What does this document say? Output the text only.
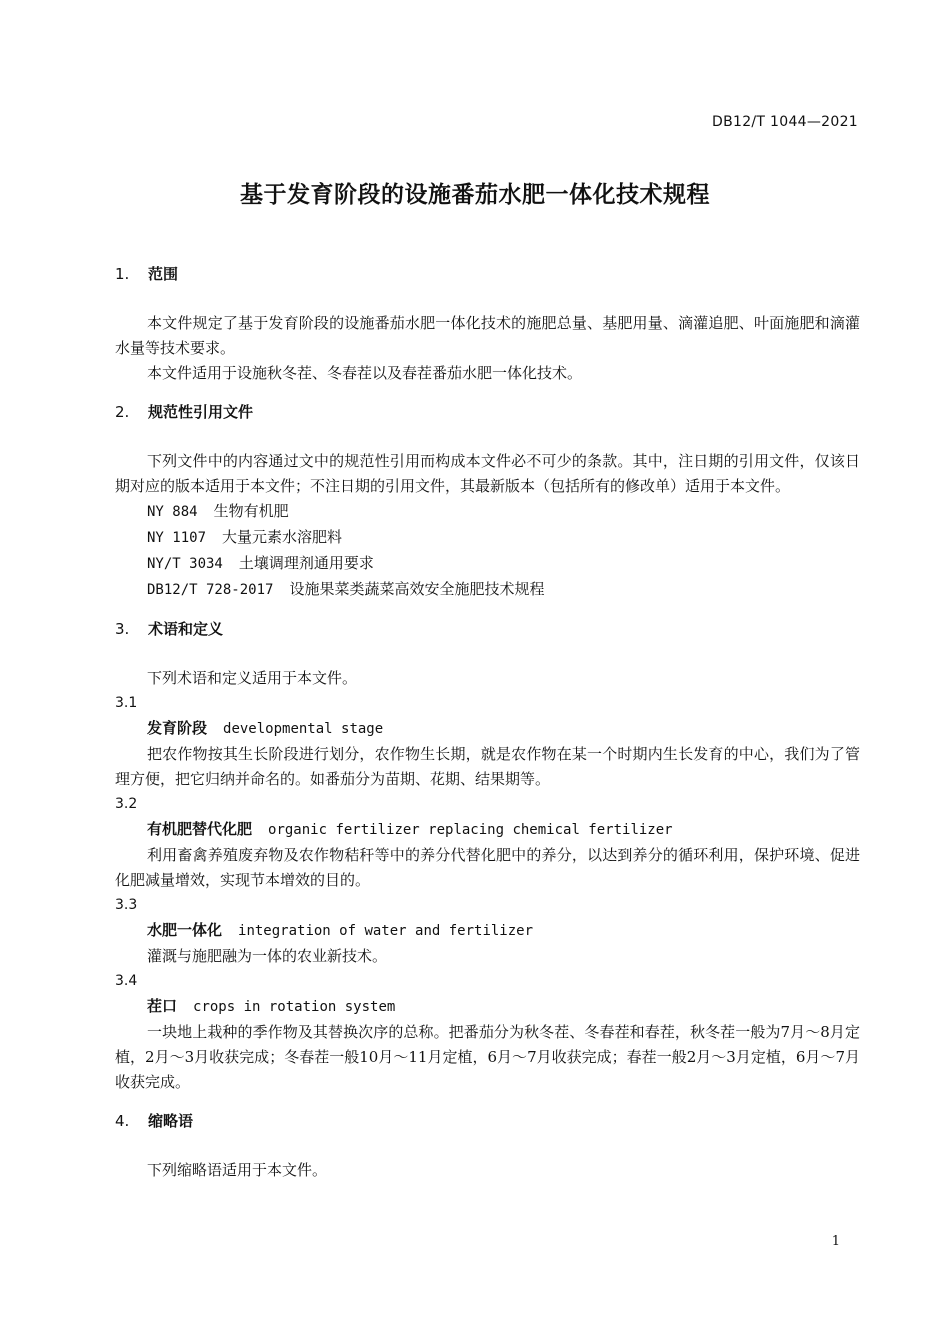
DB12/T 1044—2021
基于发育阶段的设施番茄水肥一体化技术规程
1. 范围

本文件规定了基于发育阶段的设施番茄水肥一体化技术的施肥总量、基肥用量、滴灌追肥、叶面施肥和滴灌水量等技术要求。

本文件适用于设施秋冬茬、冬春茬以及春茬番茄水肥一体化技术。

2. 规范性引用文件

下列文件中的内容通过文中的规范性引用而构成本文件必不可少的条款。其中，注日期的引用文件，仅该日期对应的版本适用于本文件；不注日期的引用文件，其最新版本（包括所有的修改单）适用于本文件。

NY 884 生物有机肥

NY 1107 大量元素水溶肥料

NY/T 3034 土壤调理剂通用要求

DB12/T 728-2017 设施果菜类蔬菜高效安全施肥技术规程

3. 术语和定义

下列术语和定义适用于本文件。

3.1

发育阶段 developmental stage

把农作物按其生长阶段进行划分，农作物生长期，就是农作物在某一个时期内生长发育的中心，我们为了管理方便，把它归纳并命名的。如番茄分为苗期、花期、结果期等。

3.2

有机肥替代化肥 organic fertilizer replacing chemical fertilizer

利用畜禽养殖废弃物及农作物秸秆等中的养分代替化肥中的养分，以达到养分的循环利用，保护环境、促进化肥减量增效，实现节本增效的目的。

3.3

水肥一体化 integration of water and fertilizer

灌溉与施肥融为一体的农业新技术。

3.4

茬口 crops in rotation system

一块地上栽种的季作物及其替换次序的总称。把番茄分为秋冬茬、冬春茬和春茬，秋冬茬一般为7月～8月定植，2月～3月收获完成；冬春茬一般10月～11月定植，6月～7月收获完成；春茬一般2月～3月定植，6月～7月收获完成。

4. 缩略语

下列缩略语适用于本文件。

1
